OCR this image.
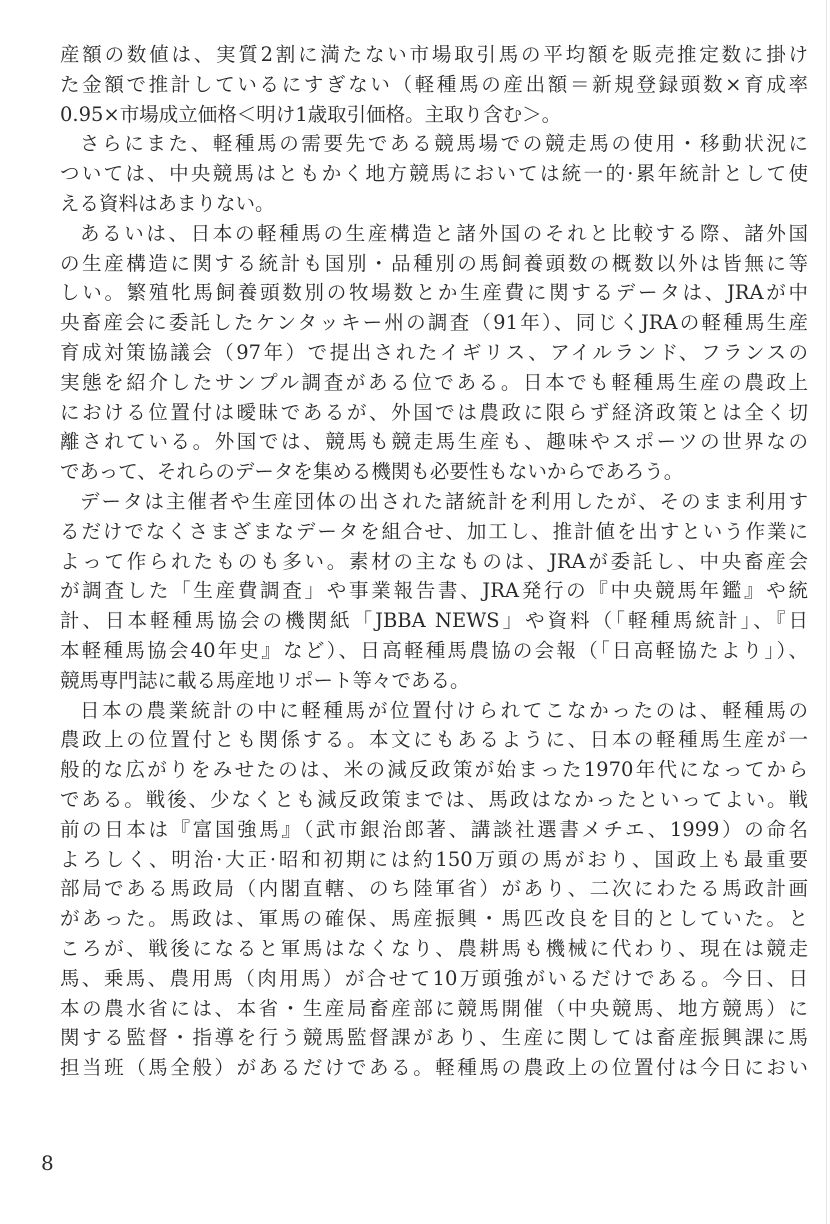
産額の数値は、実質2割に満たない市場取引馬の平均額を販売推定数に掛け
た金額で推計しているにすぎない（軽種馬の産出額＝新規登録頭数×育成率
0.95×市場成立価格＜明け1歳取引価格。主取り含む＞。
さらにまた、軽種馬の需要先である競馬場での競走馬の使用・移動状況に
ついては、中央競馬はともかく地方競馬においては統一的·累年統計として使
える資料はあまりない。
あるいは、日本の軽種馬の生産構造と諸外国のそれと比較する際、諸外国
の生産構造に関する統計も国別・品種別の馬飼養頭数の概数以外は皆無に等
しい。繁殖牝馬飼養頭数別の牧場数とか生産費に関するデータは、JRAが中
央畜産会に委託したケンタッキー州の調査（91年）、同じくJRAの軽種馬生産
育成対策協議会（97年）で提出されたイギリス、アイルランド、フランスの
実態を紹介したサンプル調査がある位である。日本でも軽種馬生産の農政上
における位置付は曖昧であるが、外国では農政に限らず経済政策とは全く切
離されている。外国では、競馬も競走馬生産も、趣味やスポーツの世界なの
であって、それらのデータを集める機関も必要性もないからであろう。
データは主催者や生産団体の出された諸統計を利用したが、そのまま利用す
るだけでなくさまざまなデータを組合せ、加工し、推計値を出すという作業に
よって作られたものも多い。素材の主なものは、JRAが委託し、中央畜産会
が調査した「生産費調査」や事業報告書、JRA発行の『中央競馬年鑑』や統
計、日本軽種馬協会の機関紙「JBBA NEWS」や資料（「軽種馬統計」、『日
本軽種馬協会40年史』など）、日高軽種馬農協の会報（「日高軽協たより」）、
競馬専門誌に載る馬産地リポート等々である。
日本の農業統計の中に軽種馬が位置付けられてこなかったのは、軽種馬の
農政上の位置付とも関係する。本文にもあるように、日本の軽種馬生産が一
般的な広がりをみせたのは、米の減反政策が始まった1970年代になってから
である。戦後、少なくとも減反政策までは、馬政はなかったといってよい。戦
前の日本は『富国強馬』（武市銀治郎著、講談社選書メチエ、1999）の命名
よろしく、明治·大正·昭和初期には約150万頭の馬がおり、国政上も最重要
部局である馬政局（内閣直轄、のち陸軍省）があり、二次にわたる馬政計画
があった。馬政は、軍馬の確保、馬産振興・馬匹改良を目的としていた。と
ころが、戦後になると軍馬はなくなり、農耕馬も機械に代わり、現在は競走
馬、乗馬、農用馬（肉用馬）が合せて10万頭強がいるだけである。今日、日
本の農水省には、本省・生産局畜産部に競馬開催（中央競馬、地方競馬）に
関する監督・指導を行う競馬監督課があり、生産に関しては畜産振興課に馬
担当班（馬全般）があるだけである。軽種馬の農政上の位置付は今日におい
8
